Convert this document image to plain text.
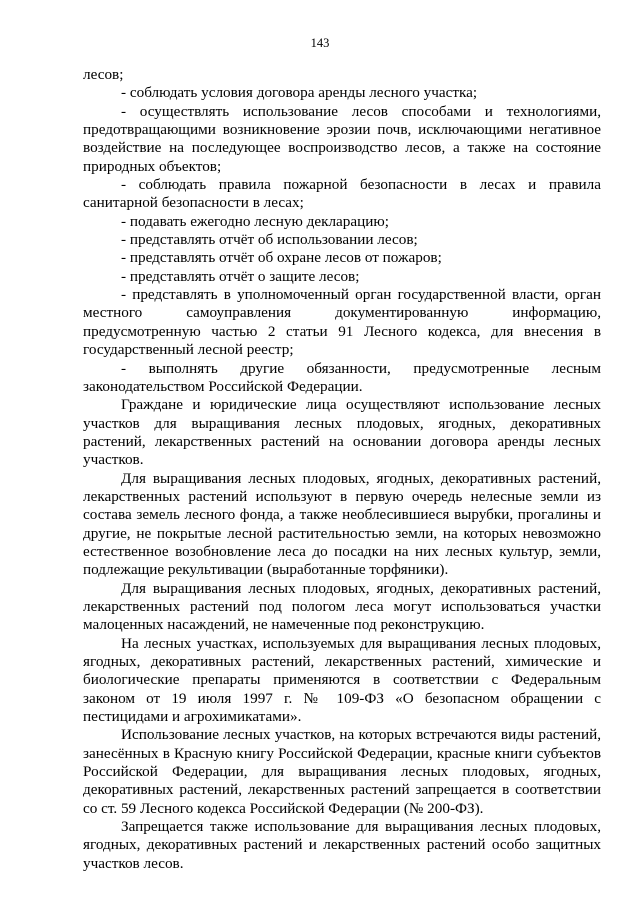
143

лесов;

- соблюдать условия договора аренды лесного участка;

- осуществлять использование лесов способами и технологиями, предотвращающими возникновение эрозии почв, исключающими негативное воздействие на последующее воспроизводство лесов, а также на состояние природных объектов;

- соблюдать правила пожарной безопасности в лесах и правила санитарной безопасности в лесах;

- подавать ежегодно лесную декларацию;

- представлять отчёт об использовании лесов;

- представлять отчёт об охране лесов от пожаров;

- представлять отчёт о защите лесов;

- представлять в уполномоченный орган государственной власти, орган местного самоуправления документированную информацию, предусмотренную частью 2 статьи 91 Лесного кодекса, для внесения в государственный лесной реестр;

- выполнять другие обязанности, предусмотренные лесным законодательством Российской Федерации.

Граждане и юридические лица осуществляют использование лесных участков для выращивания лесных плодовых, ягодных, декоративных растений, лекарственных растений на основании договора аренды лесных участков.

Для выращивания лесных плодовых, ягодных, декоративных растений, лекарственных растений используют в первую очередь нелесные земли из состава земель лесного фонда, а также необлесившиеся вырубки, прогалины и другие, не покрытые лесной растительностью земли, на которых невозможно естественное возобновление леса до посадки на них лесных культур, земли, подлежащие рекультивации (выработанные торфяники).

Для выращивания лесных плодовых, ягодных, декоративных растений, лекарственных растений под пологом леса могут использоваться участки малоценных насаждений, не намеченные под реконструкцию.

На лесных участках, используемых для выращивания лесных плодовых, ягодных, декоративных растений, лекарственных растений, химические и биологические препараты применяются в соответствии с Федеральным законом от 19 июля 1997 г. № 109-ФЗ «О безопасном обращении с пестицидами и агрохимикатами».

Использование лесных участков, на которых встречаются виды растений, занесённых в Красную книгу Российской Федерации, красные книги субъектов Российской Федерации, для выращивания лесных плодовых, ягодных, декоративных растений, лекарственных растений запрещается в соответствии со ст. 59 Лесного кодекса Российской Федерации (№ 200-ФЗ).

Запрещается также использование для выращивания лесных плодовых, ягодных, декоративных растений и лекарственных растений особо защитных участков лесов.
